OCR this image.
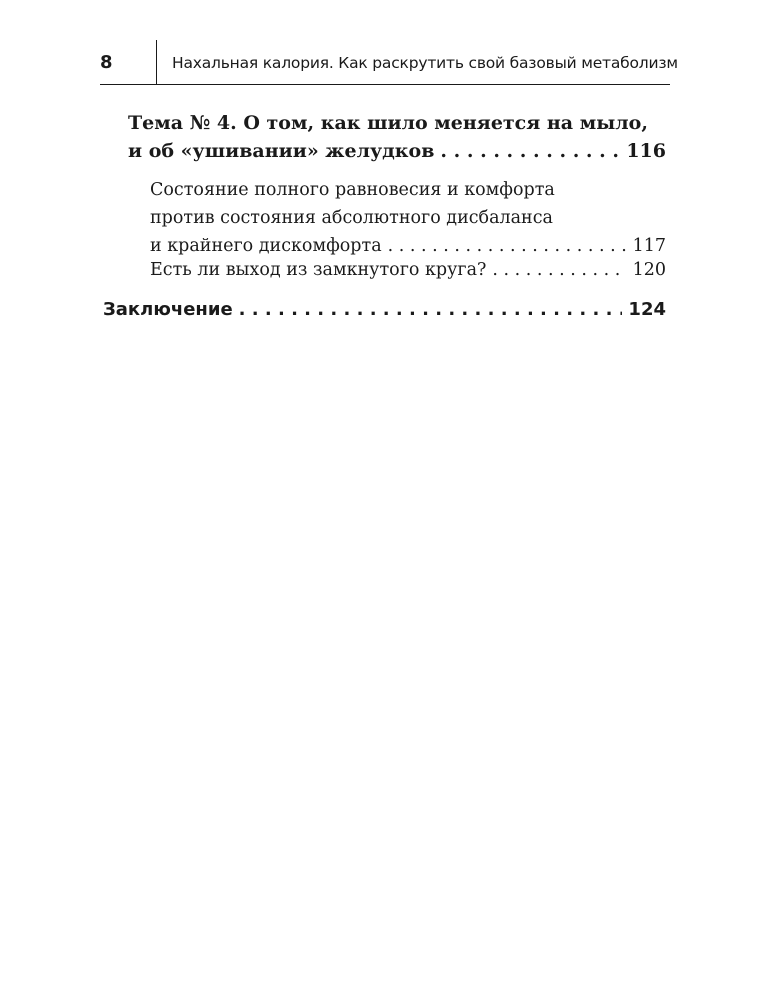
8	Нахальная калория. Как раскрутить свой базовый метаболизм
Тема № 4. О том, как шило меняется на мыло,
и об «ушивании» желудков . . .	116
Состояние полного равновесия и комфорта
против состояния абсолютного дисбаланса
и крайнего дискомфорта . . .	117
Есть ли выход из замкнутого круга? . . .	120
Заключение . . .	124
